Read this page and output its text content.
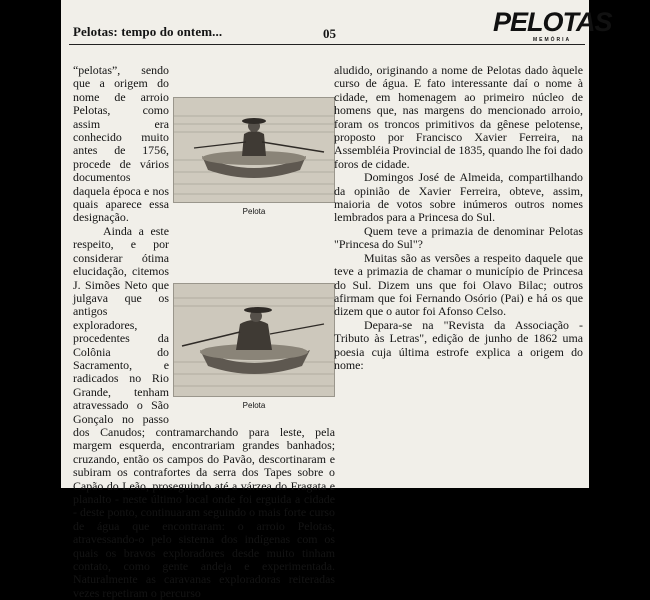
Pelotas: tempo do ontem...	05	PELOTAS
MEMÓRIA
Pelota

“pelotas”, sendo que a origem do nome de arroio Pelotas, como assim era conhecido muito antes de 1756, procede de vários documentos daquela época e nos quais aparece essa designação.

Pelota

Ainda a este respeito, e por considerar ótima elucidação, citemos J. Simões Neto que julgava que os antigos exploradores, procedentes da Colônia do Sacramento, e radicados no Rio Grande, tenham atravessado o São Gonçalo no passo dos Canudos; contramarchando para leste, pela margem esquerda, encontrariam grandes banhados; cruzando, então os campos do Pavão, descortinaram e subiram os contrafortes da serra dos Tapes sobre o Capão do Leão, proseguindo até a várzea do Fragata e planalto - neste último local onde foi erguida a cidade - deste ponto, continuaram seguindo o mais forte curso de água que encontraram: o arroio Pelotas, atravessando-o pelo sistema dos indígenas com os quais os bravos exploradores desde muito tinham contato, como gente andeja e experimentada. Naturalmente as caravanas exploradoras reiteradas vezes repetiram o percurso

aludido, originando a nome de Pelotas dado àquele curso de água. E fato interessante daí o nome à cidade, em homenagem ao primeiro núcleo de homens que, nas margens do mencionado arroio, foram os troncos primitivos da gênese pelotense, proposto por Francisco Xavier Ferreira, na Assembléia Provincial de 1835, quando lhe foi dado foros de cidade.

Domingos José de Almeida, compartilhando da opinião de Xavier Ferreira, obteve, assim, maioria de votos sobre inúmeros outros nomes lembrados para a Princesa do Sul.

Quem teve a primazia de denominar Pelotas "Princesa do Sul"?

Muitas são as versões a respeito daquele que teve a primazia de chamar o município de Princesa do Sul. Dizem uns que foi Olavo Bilac; outros afirmam que foi Fernando Osório (Pai) e há os que dizem que o autor foi Afonso Celso.

Depara-se na "Revista da Associação - Tributo às Letras", edição de junho de 1862 uma poesia cuja última estrofe explica a origem do nome:
